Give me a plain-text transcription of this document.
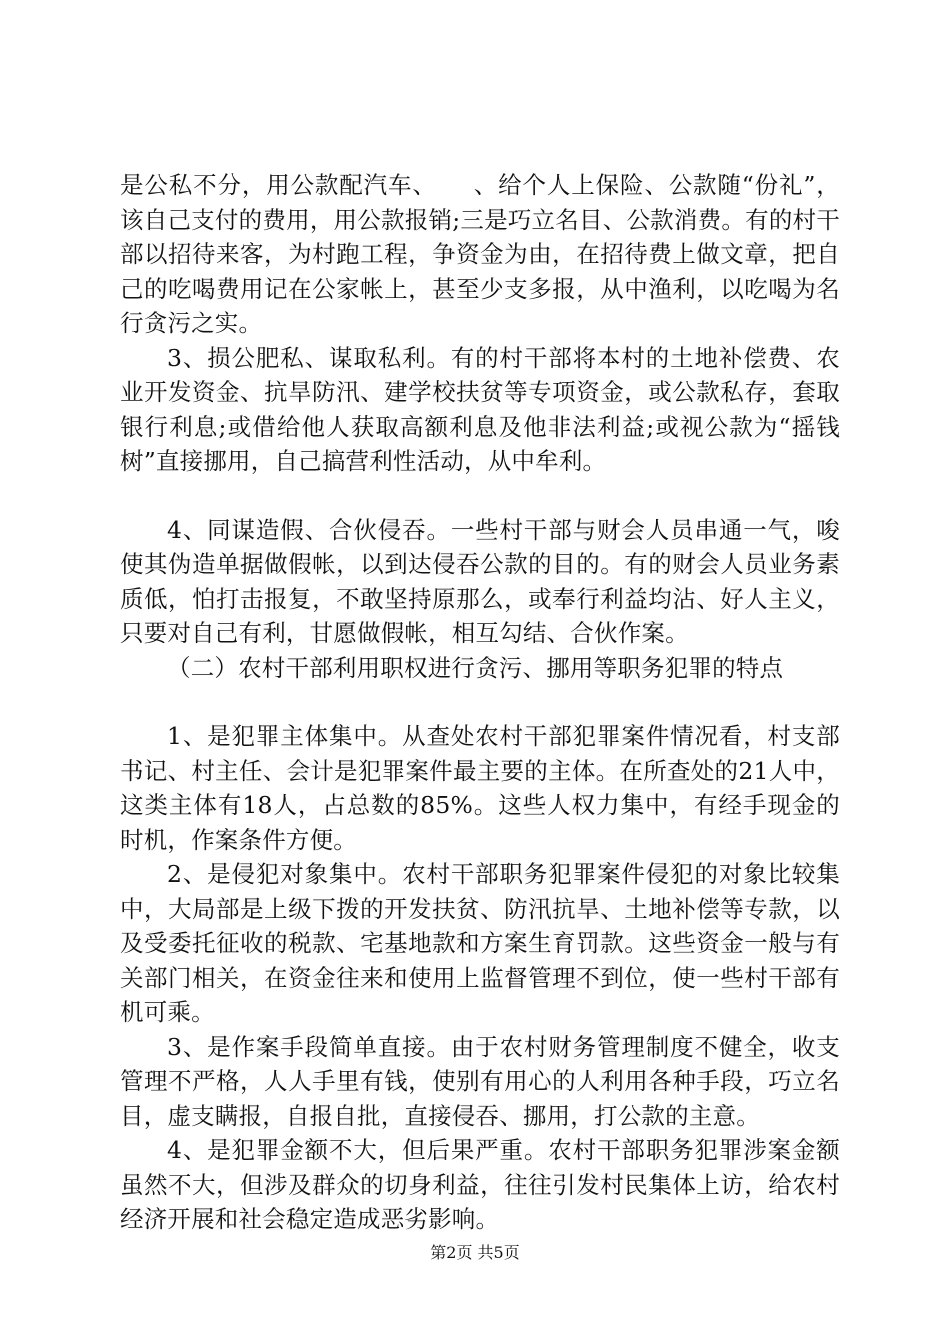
是公私不分，用公款配汽车、　　、给个人上保险、公款随“份礼”，该自己支付的费用，用公款报销;三是巧立名目、公款消费。有的村干部以招待来客，为村跑工程，争资金为由，在招待费上做文章，把自己的吃喝费用记在公家帐上，甚至少支多报，从中渔利，以吃喝为名行贪污之实。

3、损公肥私、谋取私利。有的村干部将本村的土地补偿费、农业开发资金、抗旱防汛、建学校扶贫等专项资金，或公款私存，套取银行利息;或借给他人获取高额利息及他非法利益;或视公款为“摇钱树”直接挪用，自己搞营利性活动，从中牟利。

4、同谋造假、合伙侵吞。一些村干部与财会人员串通一气，唆使其伪造单据做假帐，以到达侵吞公款的目的。有的财会人员业务素质低，怕打击报复，不敢坚持原那么，或奉行利益均沾、好人主义，只要对自己有利，甘愿做假帐，相互勾结、合伙作案。

（二）农村干部利用职权进行贪污、挪用等职务犯罪的特点

1、是犯罪主体集中。从查处农村干部犯罪案件情况看，村支部书记、村主任、会计是犯罪案件最主要的主体。在所查处的21人中，这类主体有18人，占总数的85%。这些人权力集中，有经手现金的时机，作案条件方便。

2、是侵犯对象集中。农村干部职务犯罪案件侵犯的对象比较集中，大局部是上级下拨的开发扶贫、防汛抗旱、土地补偿等专款，以及受委托征收的税款、宅基地款和方案生育罚款。这些资金一般与有关部门相关，在资金往来和使用上监督管理不到位，使一些村干部有机可乘。

3、是作案手段简单直接。由于农村财务管理制度不健全，收支管理不严格，人人手里有钱，使别有用心的人利用各种手段，巧立名目，虚支瞒报，自报自批，直接侵吞、挪用，打公款的主意。

4、是犯罪金额不大，但后果严重。农村干部职务犯罪涉案金额虽然不大，但涉及群众的切身利益，往往引发村民集体上访，给农村经济开展和社会稳定造成恶劣影响。

第2页 共5页
